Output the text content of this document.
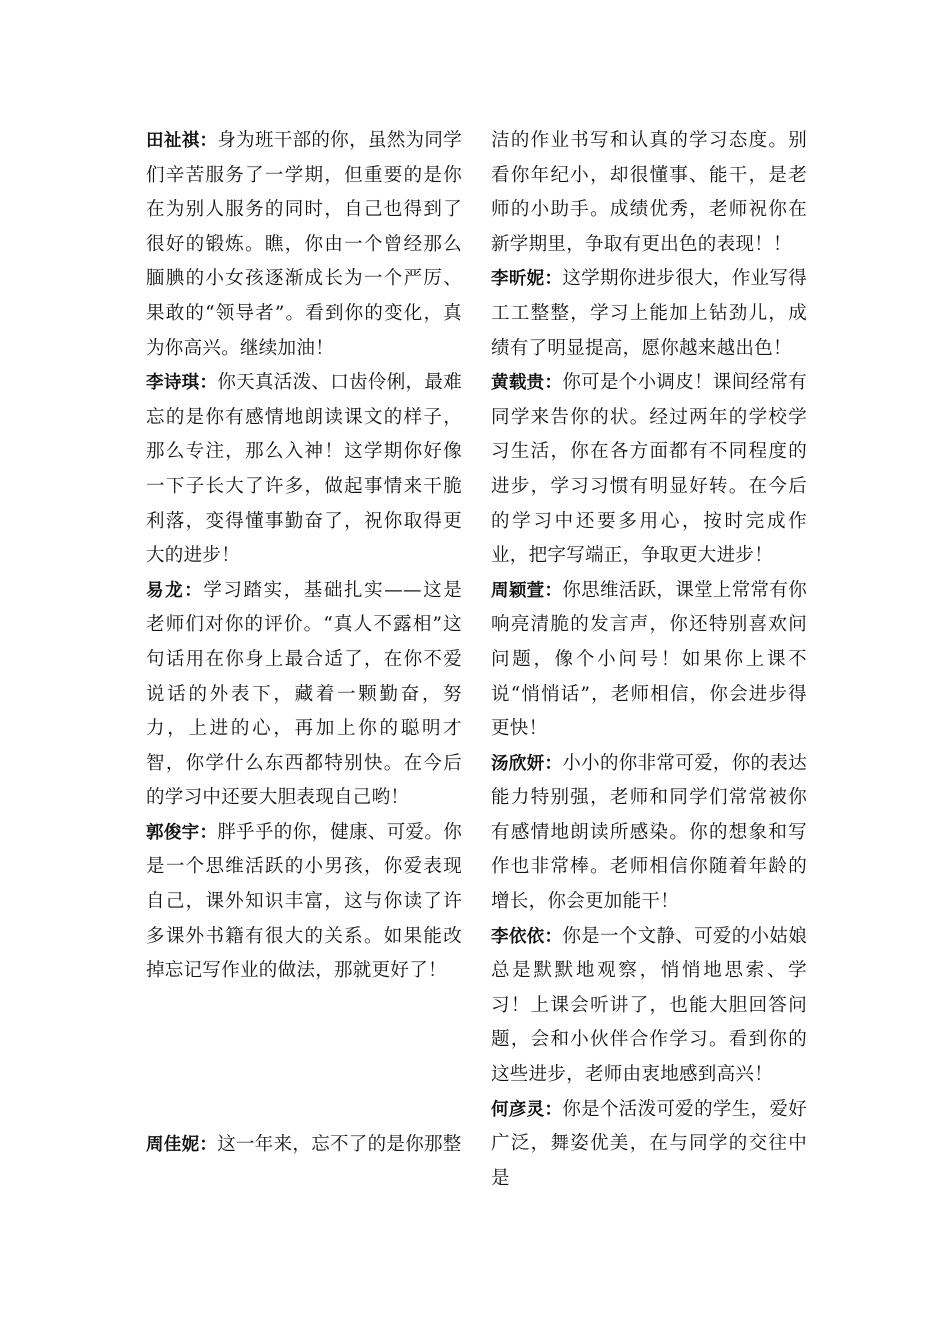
田祉祺：身为班干部的你，虽然为同学们辛苦服务了一学期，但重要的是你在为别人服务的同时，自己也得到了很好的锻炼。瞧，你由一个曾经那么腼腆的小女孩逐渐成长为一个严厉、果敢的“领导者”。看到你的变化，真为你高兴。继续加油！

李诗琪：你天真活泼、口齿伶俐，最难忘的是你有感情地朗读课文的样子，那么专注，那么入神！这学期你好像一下子长大了许多，做起事情来干脆利落，变得懂事勤奋了，祝你取得更大的进步！

易龙：学习踏实，基础扎实——这是老师们对你的评价。“真人不露相”这句话用在你身上最合适了，在你不爱说话的外表下，藏着一颗勤奋，努力，上进的心，再加上你的聪明才智，你学什么东西都特别快。在今后的学习中还要大胆表现自己哟！

郭俊宇：胖乎乎的你，健康、可爱。你是一个思维活跃的小男孩，你爱表现自己，课外知识丰富，这与你读了许多课外书籍有很大的关系。如果能改掉忘记写作业的做法，那就更好了！

周佳妮：这一年来，忘不了的是你那整

洁的作业书写和认真的学习态度。别看你年纪小，却很懂事、能干，是老师的小助手。成绩优秀，老师祝你在新学期里，争取有更出色的表现！！

李昕妮：这学期你进步很大，作业写得工工整整，学习上能加上钻劲儿，成绩有了明显提高，愿你越来越出色！

黄载贵：你可是个小调皮！课间经常有同学来告你的状。经过两年的学校学习生活，你在各方面都有不同程度的进步，学习习惯有明显好转。在今后的学习中还要多用心，按时完成作业，把字写端正，争取更大进步！

周颖萱：你思维活跃，课堂上常常有你响亮清脆的发言声，你还特别喜欢问问题，像个小问号！如果你上课不说“悄悄话”，老师相信，你会进步得更快！

汤欣妍：小小的你非常可爱，你的表达能力特别强，老师和同学们常常被你有感情地朗读所感染。你的想象和写作也非常棒。老师相信你随着年龄的增长，你会更加能干！

李依依：你是一个文静、可爱的小姑娘总是默默地观察，悄悄地思索、学习！上课会听讲了，也能大胆回答问题，会和小伙伴合作学习。看到你的这些进步，老师由衷地感到高兴！

何彦灵：你是个活泼可爱的学生，爱好广泛，舞姿优美，在与同学的交往中是
